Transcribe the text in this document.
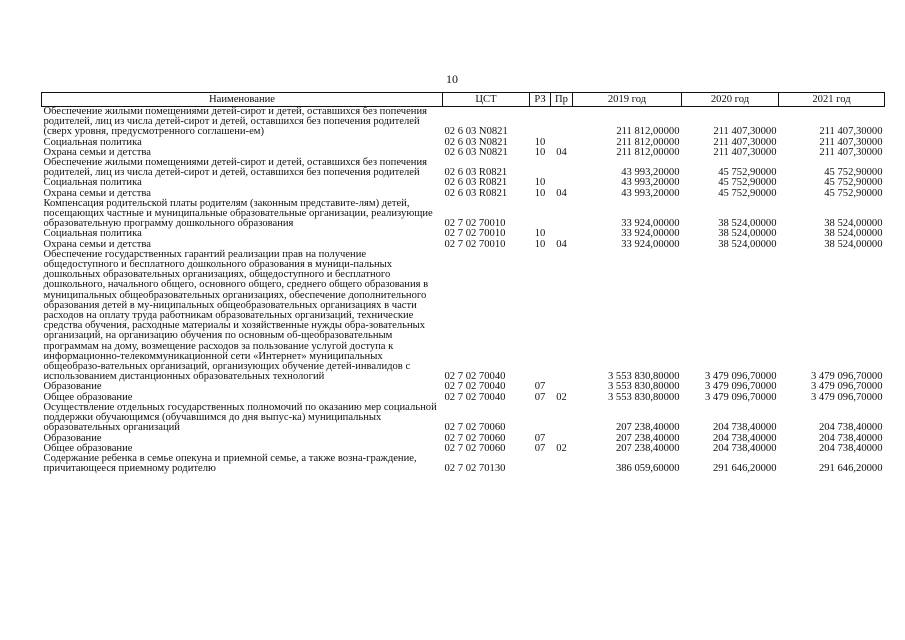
10
Наименование	ЦСТ	РЗ	Пр	2019 год	2020 год	2021 год
Обеспечение жилыми помещениями детей-сирот и детей, оставшихся без попечения родителей, лиц из числа детей-сирот и детей, оставшихся без попечения родителей (сверх уровня, предусмотренного соглашени-ем)	02 6 03 N0821			211 812,00000	211 407,30000	211 407,30000
Социальная политика	02 6 03 N0821	10		211 812,00000	211 407,30000	211 407,30000
Охрана семьи и детства	02 6 03 N0821	10	04	211 812,00000	211 407,30000	211 407,30000
Обеспечение жилыми помещениями детей-сирот и детей, оставшихся без попечения родителей, лиц из числа детей-сирот и детей, оставшихся без попечения родителей	02 6 03 R0821			43 993,20000	45 752,90000	45 752,90000
Социальная политика	02 6 03 R0821	10		43 993,20000	45 752,90000	45 752,90000
Охрана семьи и детства	02 6 03 R0821	10	04	43 993,20000	45 752,90000	45 752,90000
Компенсация родительской платы родителям (законным представите-лям) детей, посещающих частные и муниципальные образовательные организации, реализующие образовательную программу дошкольного образования	02 7 02 70010			33 924,00000	38 524,00000	38 524,00000
Социальная политика	02 7 02 70010	10		33 924,00000	38 524,00000	38 524,00000
Охрана семьи и детства	02 7 02 70010	10	04	33 924,00000	38 524,00000	38 524,00000
Обеспечение государственных гарантий реализации прав на получение общедоступного и бесплатного дошкольного образования в муници-пальных дошкольных образовательных организациях, общедоступного и бесплатного дошкольного, начального общего, основного общего, среднего общего образования в муниципальных общеобразовательных организациях, обеспечение дополнительного образования детей в му-ниципальных общеобразовательных организациях в части расходов на оплату труда работникам образовательных организаций, технические средства обучения, расходные материалы и хозяйственные нужды обра-зовательных организаций, на организацию обучения по основным об-щеобразовательным программам на дому, возмещение расходов за пользование услугой доступа к информационно-телекоммуникационной сети «Интернет» муниципальных общеобразо-вательных организаций, организующих обучение детей-инвалидов с использованием дистанционных образовательных технологий	02 7 02 70040			3 553 830,80000	3 479 096,70000	3 479 096,70000
Образование	02 7 02 70040	07		3 553 830,80000	3 479 096,70000	3 479 096,70000
Общее образование	02 7 02 70040	07	02	3 553 830,80000	3 479 096,70000	3 479 096,70000
Осуществление отдельных государственных полномочий по оказанию мер социальной поддержки обучающимся (обучавшимся до дня выпус-ка) муниципальных образовательных организаций	02 7 02 70060			207 238,40000	204 738,40000	204 738,40000
Образование	02 7 02 70060	07		207 238,40000	204 738,40000	204 738,40000
Общее образование	02 7 02 70060	07	02	207 238,40000	204 738,40000	204 738,40000
Содержание ребенка в семье опекуна и приемной семье, а также возна-граждение, причитающееся приемному родителю	02 7 02 70130			386 059,60000	291 646,20000	291 646,20000
